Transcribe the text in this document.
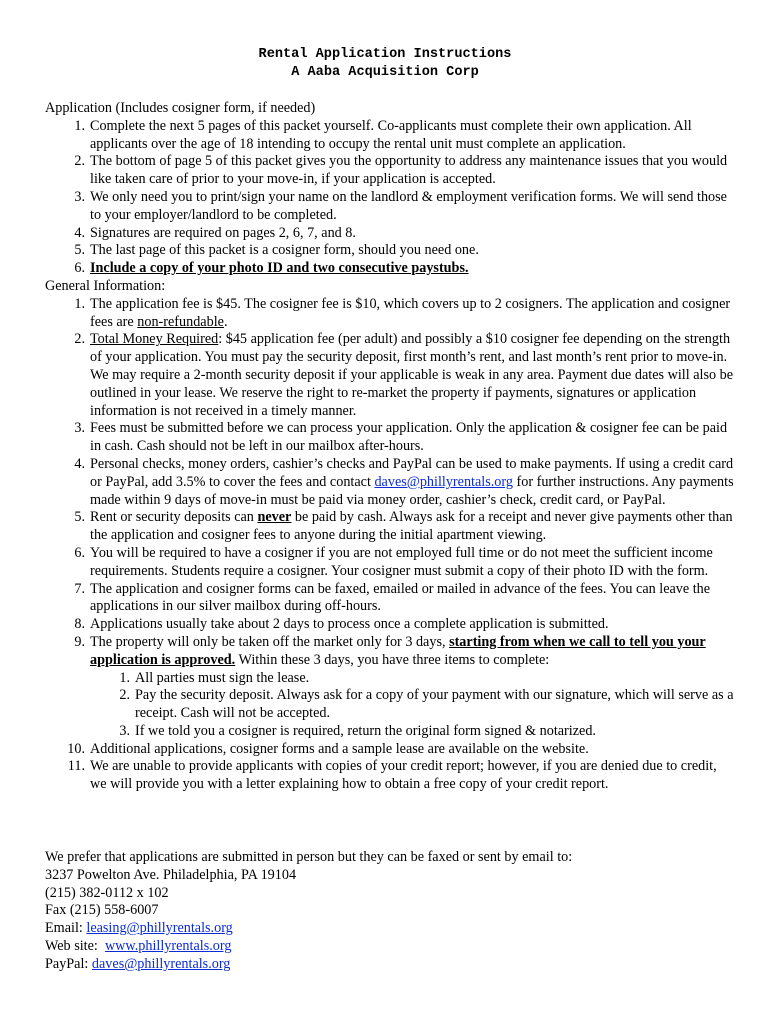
Rental Application Instructions
A Aaba Acquisition Corp
Application (Includes cosigner form, if needed)
1. Complete the next 5 pages of this packet yourself. Co-applicants must complete their own application. All applicants over the age of 18 intending to occupy the rental unit must complete an application.
2. The bottom of page 5 of this packet gives you the opportunity to address any maintenance issues that you would like taken care of prior to your move-in, if your application is accepted.
3. We only need you to print/sign your name on the landlord & employment verification forms. We will send those to your employer/landlord to be completed.
4. Signatures are required on pages 2, 6, 7, and 8.
5. The last page of this packet is a cosigner form, should you need one.
6. Include a copy of your photo ID and two consecutive paystubs.
General Information:
1. The application fee is $45. The cosigner fee is $10, which covers up to 2 cosigners. The application and cosigner fees are non-refundable.
2. Total Money Required: $45 application fee (per adult) and possibly a $10 cosigner fee depending on the strength of your application. You must pay the security deposit, first month’s rent, and last month’s rent prior to move-in. We may require a 2-month security deposit if your applicable is weak in any area. Payment due dates will also be outlined in your lease. We reserve the right to re-market the property if payments, signatures or application information is not received in a timely manner.
3. Fees must be submitted before we can process your application. Only the application & cosigner fee can be paid in cash. Cash should not be left in our mailbox after-hours.
4. Personal checks, money orders, cashier’s checks and PayPal can be used to make payments. If using a credit card or PayPal, add 3.5% to cover the fees and contact daves@phillyrentals.org for further instructions. Any payments made within 9 days of move-in must be paid via money order, cashier’s check, credit card, or PayPal.
5. Rent or security deposits can never be paid by cash. Always ask for a receipt and never give payments other than the application and cosigner fees to anyone during the initial apartment viewing.
6. You will be required to have a cosigner if you are not employed full time or do not meet the sufficient income requirements. Students require a cosigner. Your cosigner must submit a copy of their photo ID with the form.
7. The application and cosigner forms can be faxed, emailed or mailed in advance of the fees. You can leave the applications in our silver mailbox during off-hours.
8. Applications usually take about 2 days to process once a complete application is submitted.
9. The property will only be taken off the market only for 3 days, starting from when we call to tell you your application is approved. Within these 3 days, you have three items to complete:
1. All parties must sign the lease.
2. Pay the security deposit. Always ask for a copy of your payment with our signature, which will serve as a receipt. Cash will not be accepted.
3. If we told you a cosigner is required, return the original form signed & notarized.
10. Additional applications, cosigner forms and a sample lease are available on the website.
11. We are unable to provide applicants with copies of your credit report; however, if you are denied due to credit, we will provide you with a letter explaining how to obtain a free copy of your credit report.
We prefer that applications are submitted in person but they can be faxed or sent by email to:
3237 Powelton Ave. Philadelphia, PA 19104
(215) 382-0112 x 102
Fax (215) 558-6007
Email: leasing@phillyrentals.org
Web site:  www.phillyrentals.org
PayPal: daves@phillyrentals.org
